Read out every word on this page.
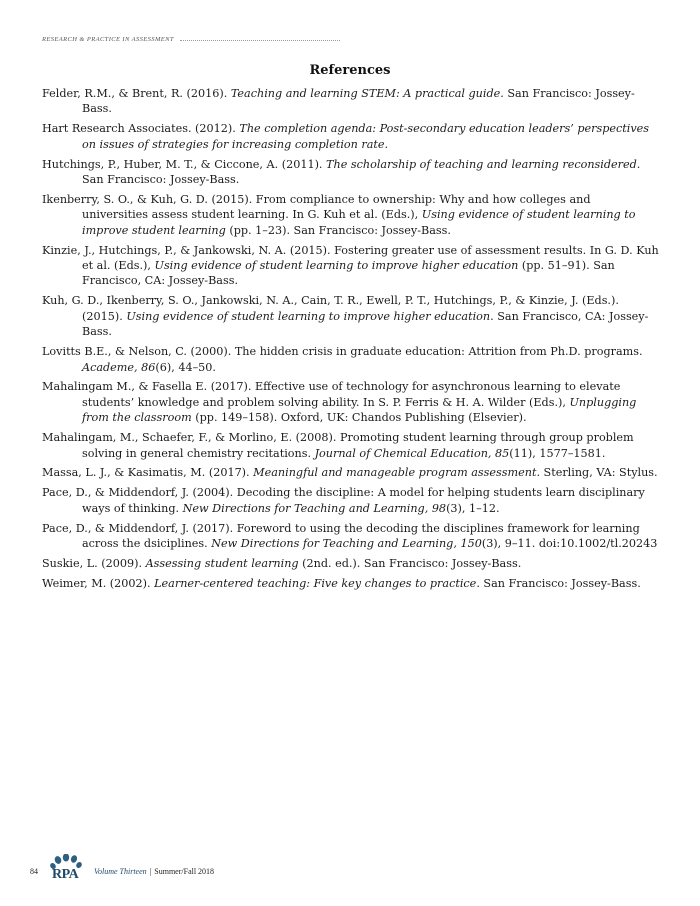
RESEARCH & PRACTICE IN ASSESSMENT
References
Felder, R.M., & Brent, R. (2016). Teaching and learning STEM: A practical guide. San Francisco: Jossey-Bass.
Hart Research Associates. (2012). The completion agenda: Post-secondary education leaders’ perspectives on issues of strategies for increasing completion rate.
Hutchings, P., Huber, M. T., & Ciccone, A. (2011). The scholarship of teaching and learning reconsidered. San Francisco: Jossey-Bass.
Ikenberry, S. O., & Kuh, G. D. (2015). From compliance to ownership: Why and how colleges and universities assess student learning. In G. Kuh et al. (Eds.), Using evidence of student learning to improve student learning (pp. 1–23). San Francisco: Jossey-Bass.
Kinzie, J., Hutchings, P., & Jankowski, N. A. (2015). Fostering greater use of assessment results. In G. D. Kuh et al. (Eds.), Using evidence of student learning to improve higher education (pp. 51–91). San Francisco, CA: Jossey-Bass.
Kuh, G. D., Ikenberry, S. O., Jankowski, N. A., Cain, T. R., Ewell, P. T., Hutchings, P., & Kinzie, J. (Eds.). (2015). Using evidence of student learning to improve higher education. San Francisco, CA: Jossey-Bass.
Lovitts B.E., & Nelson, C. (2000). The hidden crisis in graduate education: Attrition from Ph.D. programs. Academe, 86(6), 44–50.
Mahalingam M., & Fasella E. (2017). Effective use of technology for asynchronous learning to elevate students’ knowledge and problem solving ability. In S. P. Ferris & H. A. Wilder (Eds.), Unplugging from the classroom (pp. 149–158). Oxford, UK: Chandos Publishing (Elsevier).
Mahalingam, M., Schaefer, F., & Morlino, E. (2008). Promoting student learning through group problem solving in general chemistry recitations. Journal of Chemical Education, 85(11), 1577–1581.
Massa, L. J., & Kasimatis, M. (2017). Meaningful and manageable program assessment. Sterling, VA: Stylus.
Pace, D., & Middendorf, J. (2004). Decoding the discipline: A model for helping students learn disciplinary ways of thinking. New Directions for Teaching and Learning, 98(3), 1–12.
Pace, D., & Middendorf, J. (2017). Foreword to using the decoding the disciplines framework for learning across the dsiciplines. New Directions for Teaching and Learning, 150(3), 9–11. doi:10.1002/tl.20243
Suskie, L. (2009). Assessing student learning (2nd. ed.). San Francisco: Jossey-Bass.
Weimer, M. (2002). Learner-centered teaching: Five key changes to practice. San Francisco: Jossey-Bass.
84 RPA Volume Thirteen | Summer/Fall 2018
